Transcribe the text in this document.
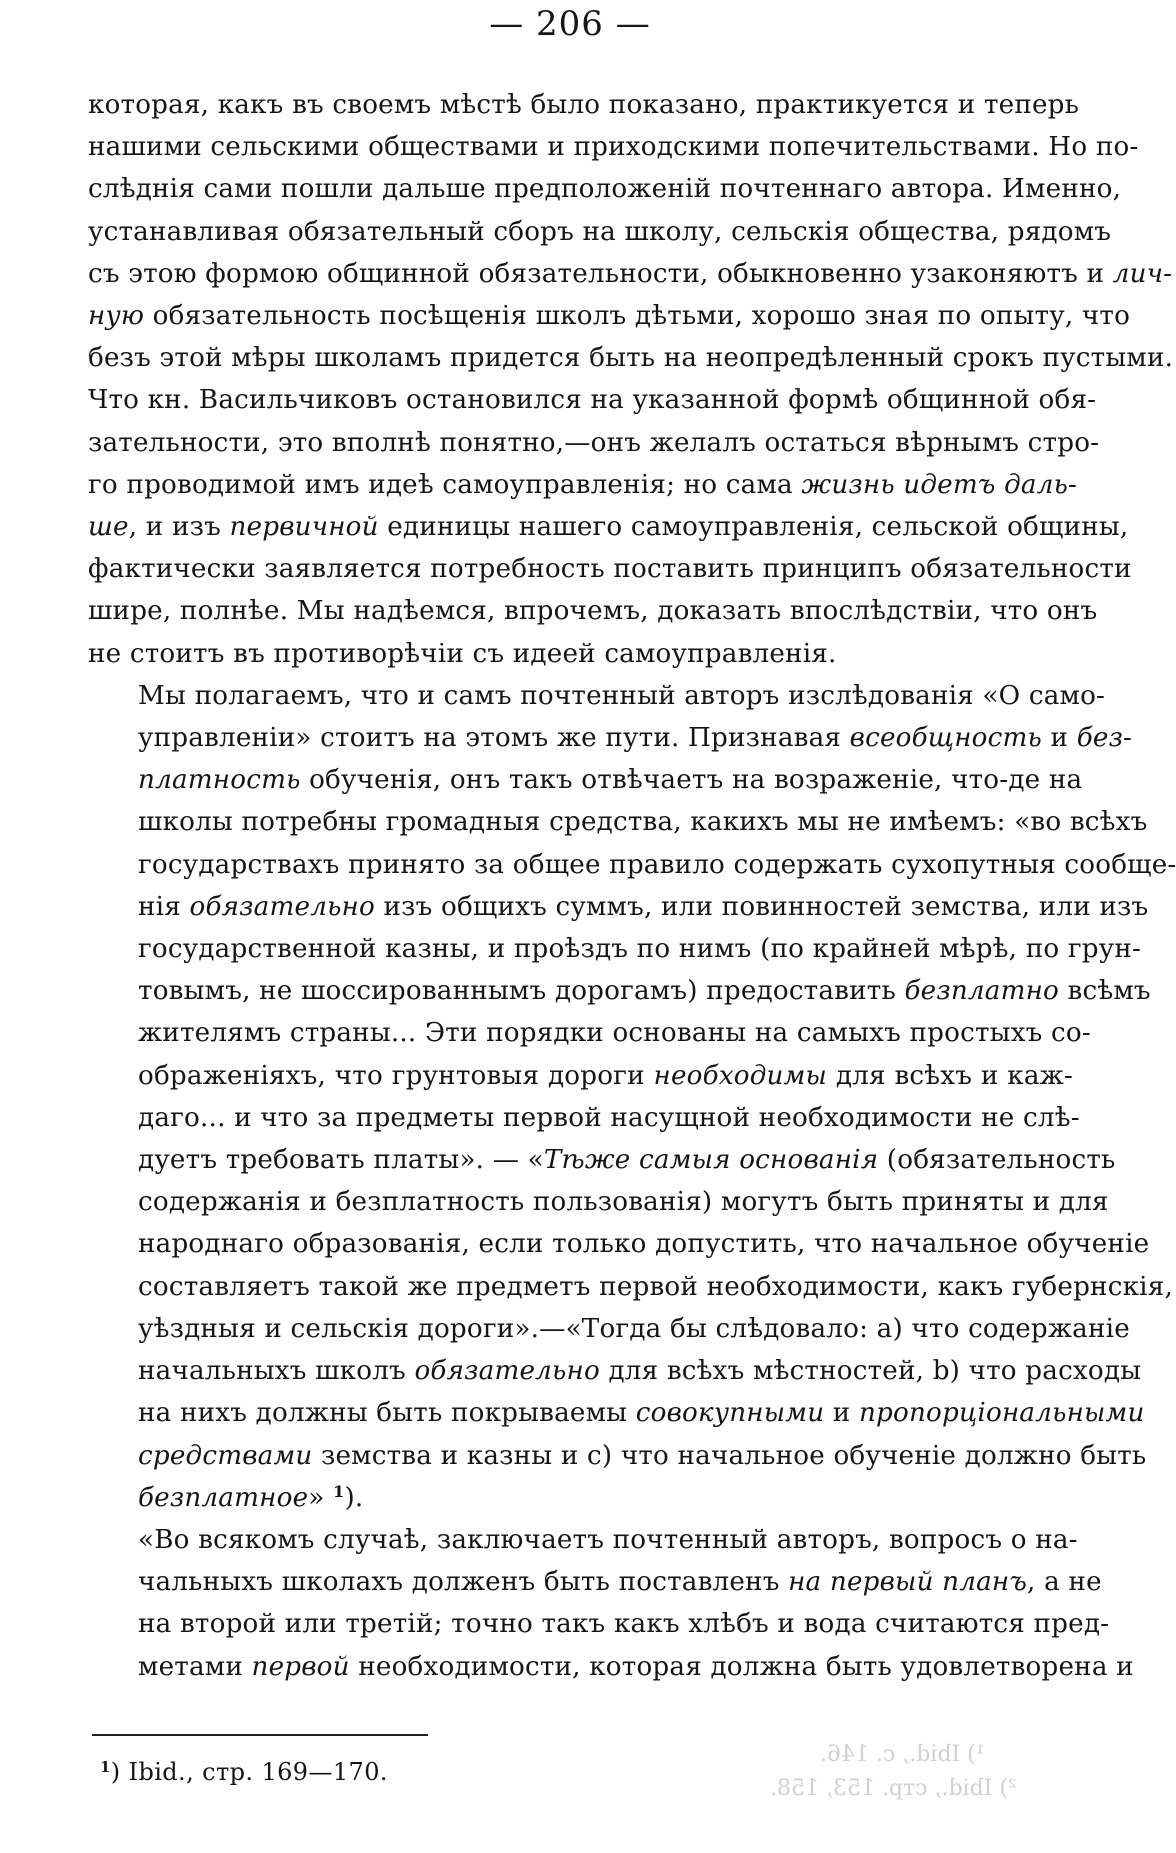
— 206 —

которая, какъ въ своемъ мѣстѣ было показано, практикуется и теперь
нашими сельскими обществами и приходскими попечительствами. Но по-
слѣднія сами пошли дальше предположеній почтеннаго автора. Именно,
устанавливая обязательный сборъ на школу, сельскія общества, рядомъ
съ этою формою общинной обязательности, обыкновенно узаконяютъ и лич-
ную обязательность посѣщенія школъ дѣтьми, хорошо зная по опыту, что
безъ этой мѣры школамъ придется быть на неопредѣленный срокъ пустыми.
Что кн. Васильчиковъ остановился на указанной формѣ общинной обя-
зательности, это вполнѣ понятно,—онъ желалъ остаться вѣрнымъ стро-
го проводимой имъ идеѣ самоуправленія; но сама жизнь идетъ даль-
ше, и изъ первичной единицы нашего самоуправленія, сельской общины,
фактически заявляется потребность поставить принципъ обязательности
шире, полнѣе. Мы надѣемся, впрочемъ, доказать впослѣдствіи, что онъ
не стоитъ въ противорѣчіи съ идеей самоуправленія.

Мы полагаемъ, что и самъ почтенный авторъ изслѣдованія «О само-
управленіи» стоитъ на этомъ же пути. Признавая всеобщность и без-
платность обученія, онъ такъ отвѣчаетъ на возраженіе, что-де на
школы потребны громадныя средства, какихъ мы не имѣемъ: «во всѣхъ
государствахъ принято за общее правило содержать сухопутныя сообще-
нія обязательно изъ общихъ суммъ, или повинностей земства, или изъ
государственной казны, и проѣздъ по нимъ (по крайней мѣрѣ, по грун-
товымъ, не шоссированнымъ дорогамъ) предоставить безплатно всѣмъ
жителямъ страны... Эти порядки основаны на самыхъ простыхъ со-
ображеніяхъ, что грунтовыя дороги необходимы для всѣхъ и каж-
даго... и что за предметы первой насущной необходимости не слѣ-
дуетъ требовать платы». — «Тѣже самыя основанія (обязательность
содержанія и безплатность пользованія) могутъ быть приняты и для
народнаго образованія, если только допустить, что начальное обученіе
составляетъ такой же предметъ первой необходимости, какъ губернскія,
уѣздныя и сельскія дороги».—«Тогда бы слѣдовало: а) что содержаніе
начальныхъ школъ обязательно для всѣхъ мѣстностей, b) что расходы
на нихъ должны быть покрываемы совокупными и пропорціональными
средствами земства и казны и с) что начальное обученіе должно быть
безплатное» $^1$).

«Во всякомъ случаѣ, заключаетъ почтенный авторъ, вопросъ о на-
чальныхъ школахъ долженъ быть поставленъ на первый планъ, а не
на второй или третій; точно такъ какъ хлѣбъ и вода считаются пред-
метами первой необходимости, которая должна быть удовлетворена и

¹) Ibid., с. 146.
²) Ibid., стр. 153, 158.
$^1$) Ibid., стр. 169—170.
